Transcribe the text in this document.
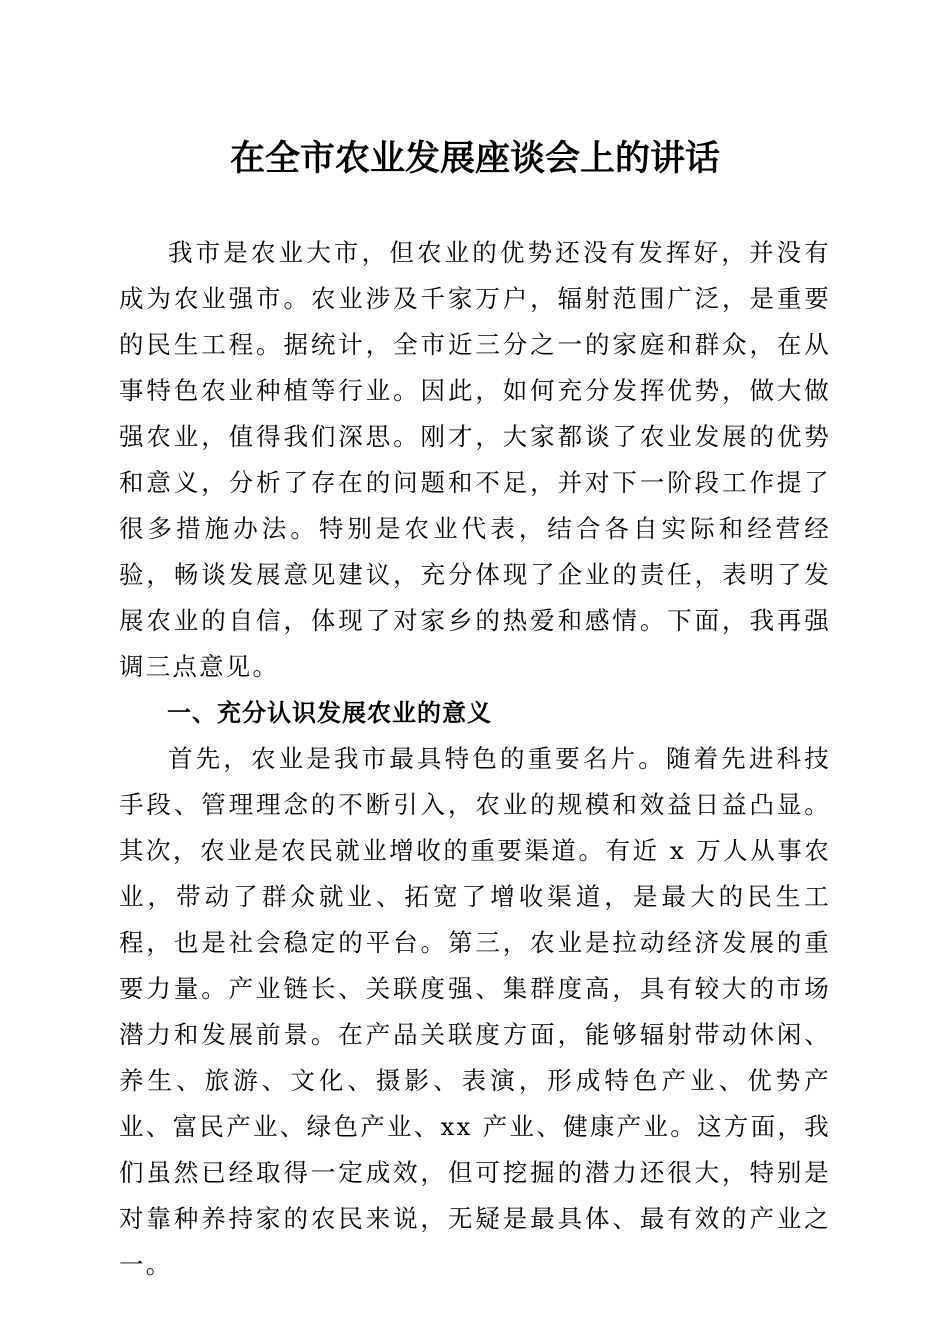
在全市农业发展座谈会上的讲话

我市是农业大市，但农业的优势还没有发挥好，并没有成为农业强市。农业涉及千家万户，辐射范围广泛，是重要的民生工程。据统计，全市近三分之一的家庭和群众，在从事特色农业种植等行业。因此，如何充分发挥优势，做大做强农业，值得我们深思。刚才，大家都谈了农业发展的优势和意义，分析了存在的问题和不足，并对下一阶段工作提了很多措施办法。特别是农业代表，结合各自实际和经营经验，畅谈发展意见建议，充分体现了企业的责任，表明了发展农业的自信，体现了对家乡的热爱和感情。下面，我再强调三点意见。

一、充分认识发展农业的意义

首先，农业是我市最具特色的重要名片。随着先进科技手段、管理理念的不断引入，农业的规模和效益日益凸显。其次，农业是农民就业增收的重要渠道。有近 x 万人从事农业，带动了群众就业、拓宽了增收渠道，是最大的民生工程，也是社会稳定的平台。第三，农业是拉动经济发展的重要力量。产业链长、关联度强、集群度高，具有较大的市场潜力和发展前景。在产品关联度方面，能够辐射带动休闲、养生、旅游、文化、摄影、表演，形成特色产业、优势产业、富民产业、绿色产业、xx 产业、健康产业。这方面，我们虽然已经取得一定成效，但可挖掘的潜力还很大，特别是对靠种养持家的农民来说，无疑是最具体、最有效的产业之一。
